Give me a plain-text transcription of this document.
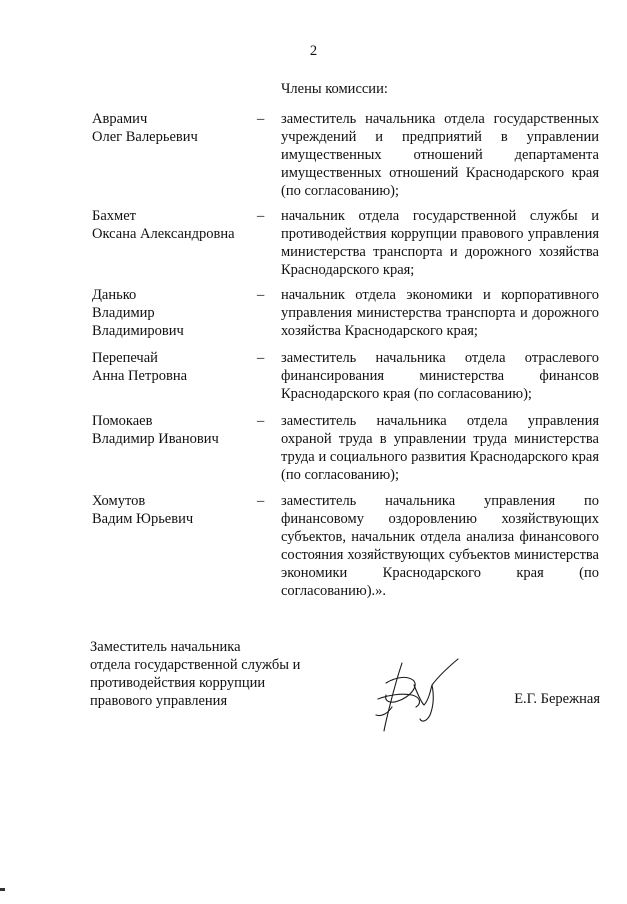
2
Члены комиссии:
Аврамич
Олег Валерьевич
– заместитель начальника отдела государственных учреждений и предприятий в управлении имущественных отношений департамента имущественных отношений Краснодарского края (по согласованию);
Бахмет
Оксана Александровна
– начальник отдела государственной службы и противодействия коррупции правового управления министерства транспорта и дорожного хозяйства Краснодарского края;
Данько
Владимир
Владимирович
– начальник отдела экономики и корпоративного управления министерства транспорта и дорожного хозяйства Краснодарского края;
Перепечай
Анна Петровна
– заместитель начальника отдела отраслевого финансирования министерства финансов Краснодарского края (по согласованию);
Помокаев
Владимир Иванович
– заместитель начальника отдела управления охраной труда в управлении труда министерства труда и социального развития Краснодарского края (по согласованию);
Хомутов
Вадим Юрьевич
– заместитель начальника управления по финансовому оздоровлению хозяйствующих субъектов, начальник отдела анализа финансового состояния хозяйствующих субъектов министерства экономики Краснодарского края (по согласованию).».
Заместитель начальника
отдела государственной службы и
противодействия коррупции
правового управления	Е.Г. Бережная
